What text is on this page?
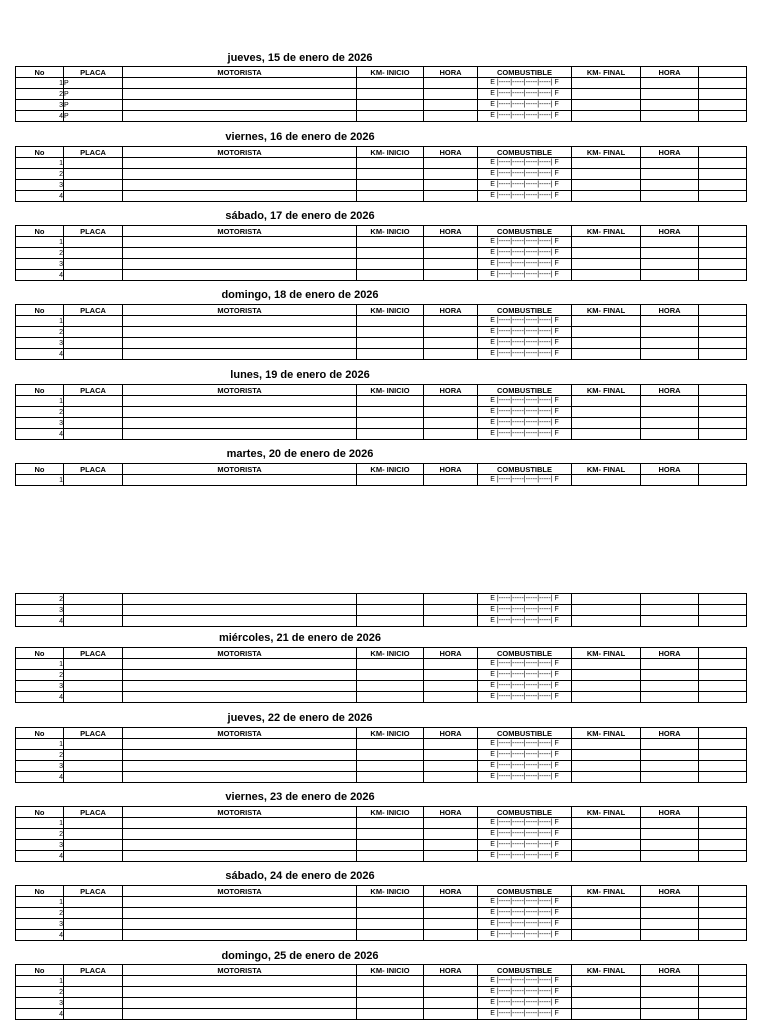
jueves, 15 de enero de 2026
No	PLACA	MOTORISTA	KM- INICIO	HORA	COMBUSTIBLE	KM- FINAL	HORA	
1	P				E |-----|-----|-----|-----| F			
2	P				E |-----|-----|-----|-----| F			
3	P				E |-----|-----|-----|-----| F			
4	P				E |-----|-----|-----|-----| F			
viernes, 16 de enero de 2026
No	PLACA	MOTORISTA	KM- INICIO	HORA	COMBUSTIBLE	KM- FINAL	HORA	
1					E |-----|-----|-----|-----| F			
2					E |-----|-----|-----|-----| F			
3					E |-----|-----|-----|-----| F			
4					E |-----|-----|-----|-----| F			
sábado, 17 de enero de 2026
No	PLACA	MOTORISTA	KM- INICIO	HORA	COMBUSTIBLE	KM- FINAL	HORA	
1					E |-----|-----|-----|-----| F			
2					E |-----|-----|-----|-----| F			
3					E |-----|-----|-----|-----| F			
4					E |-----|-----|-----|-----| F			
domingo, 18 de enero de 2026
No	PLACA	MOTORISTA	KM- INICIO	HORA	COMBUSTIBLE	KM- FINAL	HORA	
1					E |-----|-----|-----|-----| F			
2					E |-----|-----|-----|-----| F			
3					E |-----|-----|-----|-----| F			
4					E |-----|-----|-----|-----| F			
lunes, 19 de enero de 2026
No	PLACA	MOTORISTA	KM- INICIO	HORA	COMBUSTIBLE	KM- FINAL	HORA	
1					E |-----|-----|-----|-----| F			
2					E |-----|-----|-----|-----| F			
3					E |-----|-----|-----|-----| F			
4					E |-----|-----|-----|-----| F			
martes, 20 de enero de 2026
No	PLACA	MOTORISTA	KM- INICIO	HORA	COMBUSTIBLE	KM- FINAL	HORA	
1					E |-----|-----|-----|-----| F			
2					E |-----|-----|-----|-----| F			
3					E |-----|-----|-----|-----| F			
4					E |-----|-----|-----|-----| F			
miércoles, 21 de enero de 2026
No	PLACA	MOTORISTA	KM- INICIO	HORA	COMBUSTIBLE	KM- FINAL	HORA	
1					E |-----|-----|-----|-----| F			
2					E |-----|-----|-----|-----| F			
3					E |-----|-----|-----|-----| F			
4					E |-----|-----|-----|-----| F			
jueves, 22 de enero de 2026
No	PLACA	MOTORISTA	KM- INICIO	HORA	COMBUSTIBLE	KM- FINAL	HORA	
1					E |-----|-----|-----|-----| F			
2					E |-----|-----|-----|-----| F			
3					E |-----|-----|-----|-----| F			
4					E |-----|-----|-----|-----| F			
viernes, 23 de enero de 2026
No	PLACA	MOTORISTA	KM- INICIO	HORA	COMBUSTIBLE	KM- FINAL	HORA	
1					E |-----|-----|-----|-----| F			
2					E |-----|-----|-----|-----| F			
3					E |-----|-----|-----|-----| F			
4					E |-----|-----|-----|-----| F			
sábado, 24 de enero de 2026
No	PLACA	MOTORISTA	KM- INICIO	HORA	COMBUSTIBLE	KM- FINAL	HORA	
1					E |-----|-----|-----|-----| F			
2					E |-----|-----|-----|-----| F			
3					E |-----|-----|-----|-----| F			
4					E |-----|-----|-----|-----| F			
domingo, 25 de enero de 2026
No	PLACA	MOTORISTA	KM- INICIO	HORA	COMBUSTIBLE	KM- FINAL	HORA	
1					E |-----|-----|-----|-----| F			
2					E |-----|-----|-----|-----| F			
3					E |-----|-----|-----|-----| F			
4					E |-----|-----|-----|-----| F			
